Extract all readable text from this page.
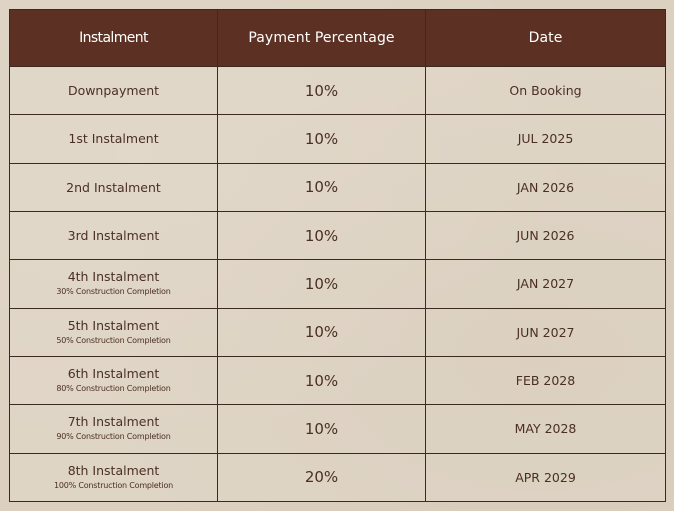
Instalment	Payment Percentage	Date

Downpayment	10%	On Booking

1st Instalment	10%	JUL 2025

2nd Instalment	10%	JAN 2026

3rd Instalment	10%	JUN 2026

4th Instalment
30% Construction Completion	10%	JAN 2027

5th Instalment
50% Construction Completion	10%	JUN 2027

6th Instalment
80% Construction Completion	10%	FEB 2028

7th Instalment
90% Construction Completion	10%	MAY 2028

8th Instalment
100% Construction Completion	20%	APR 2029
